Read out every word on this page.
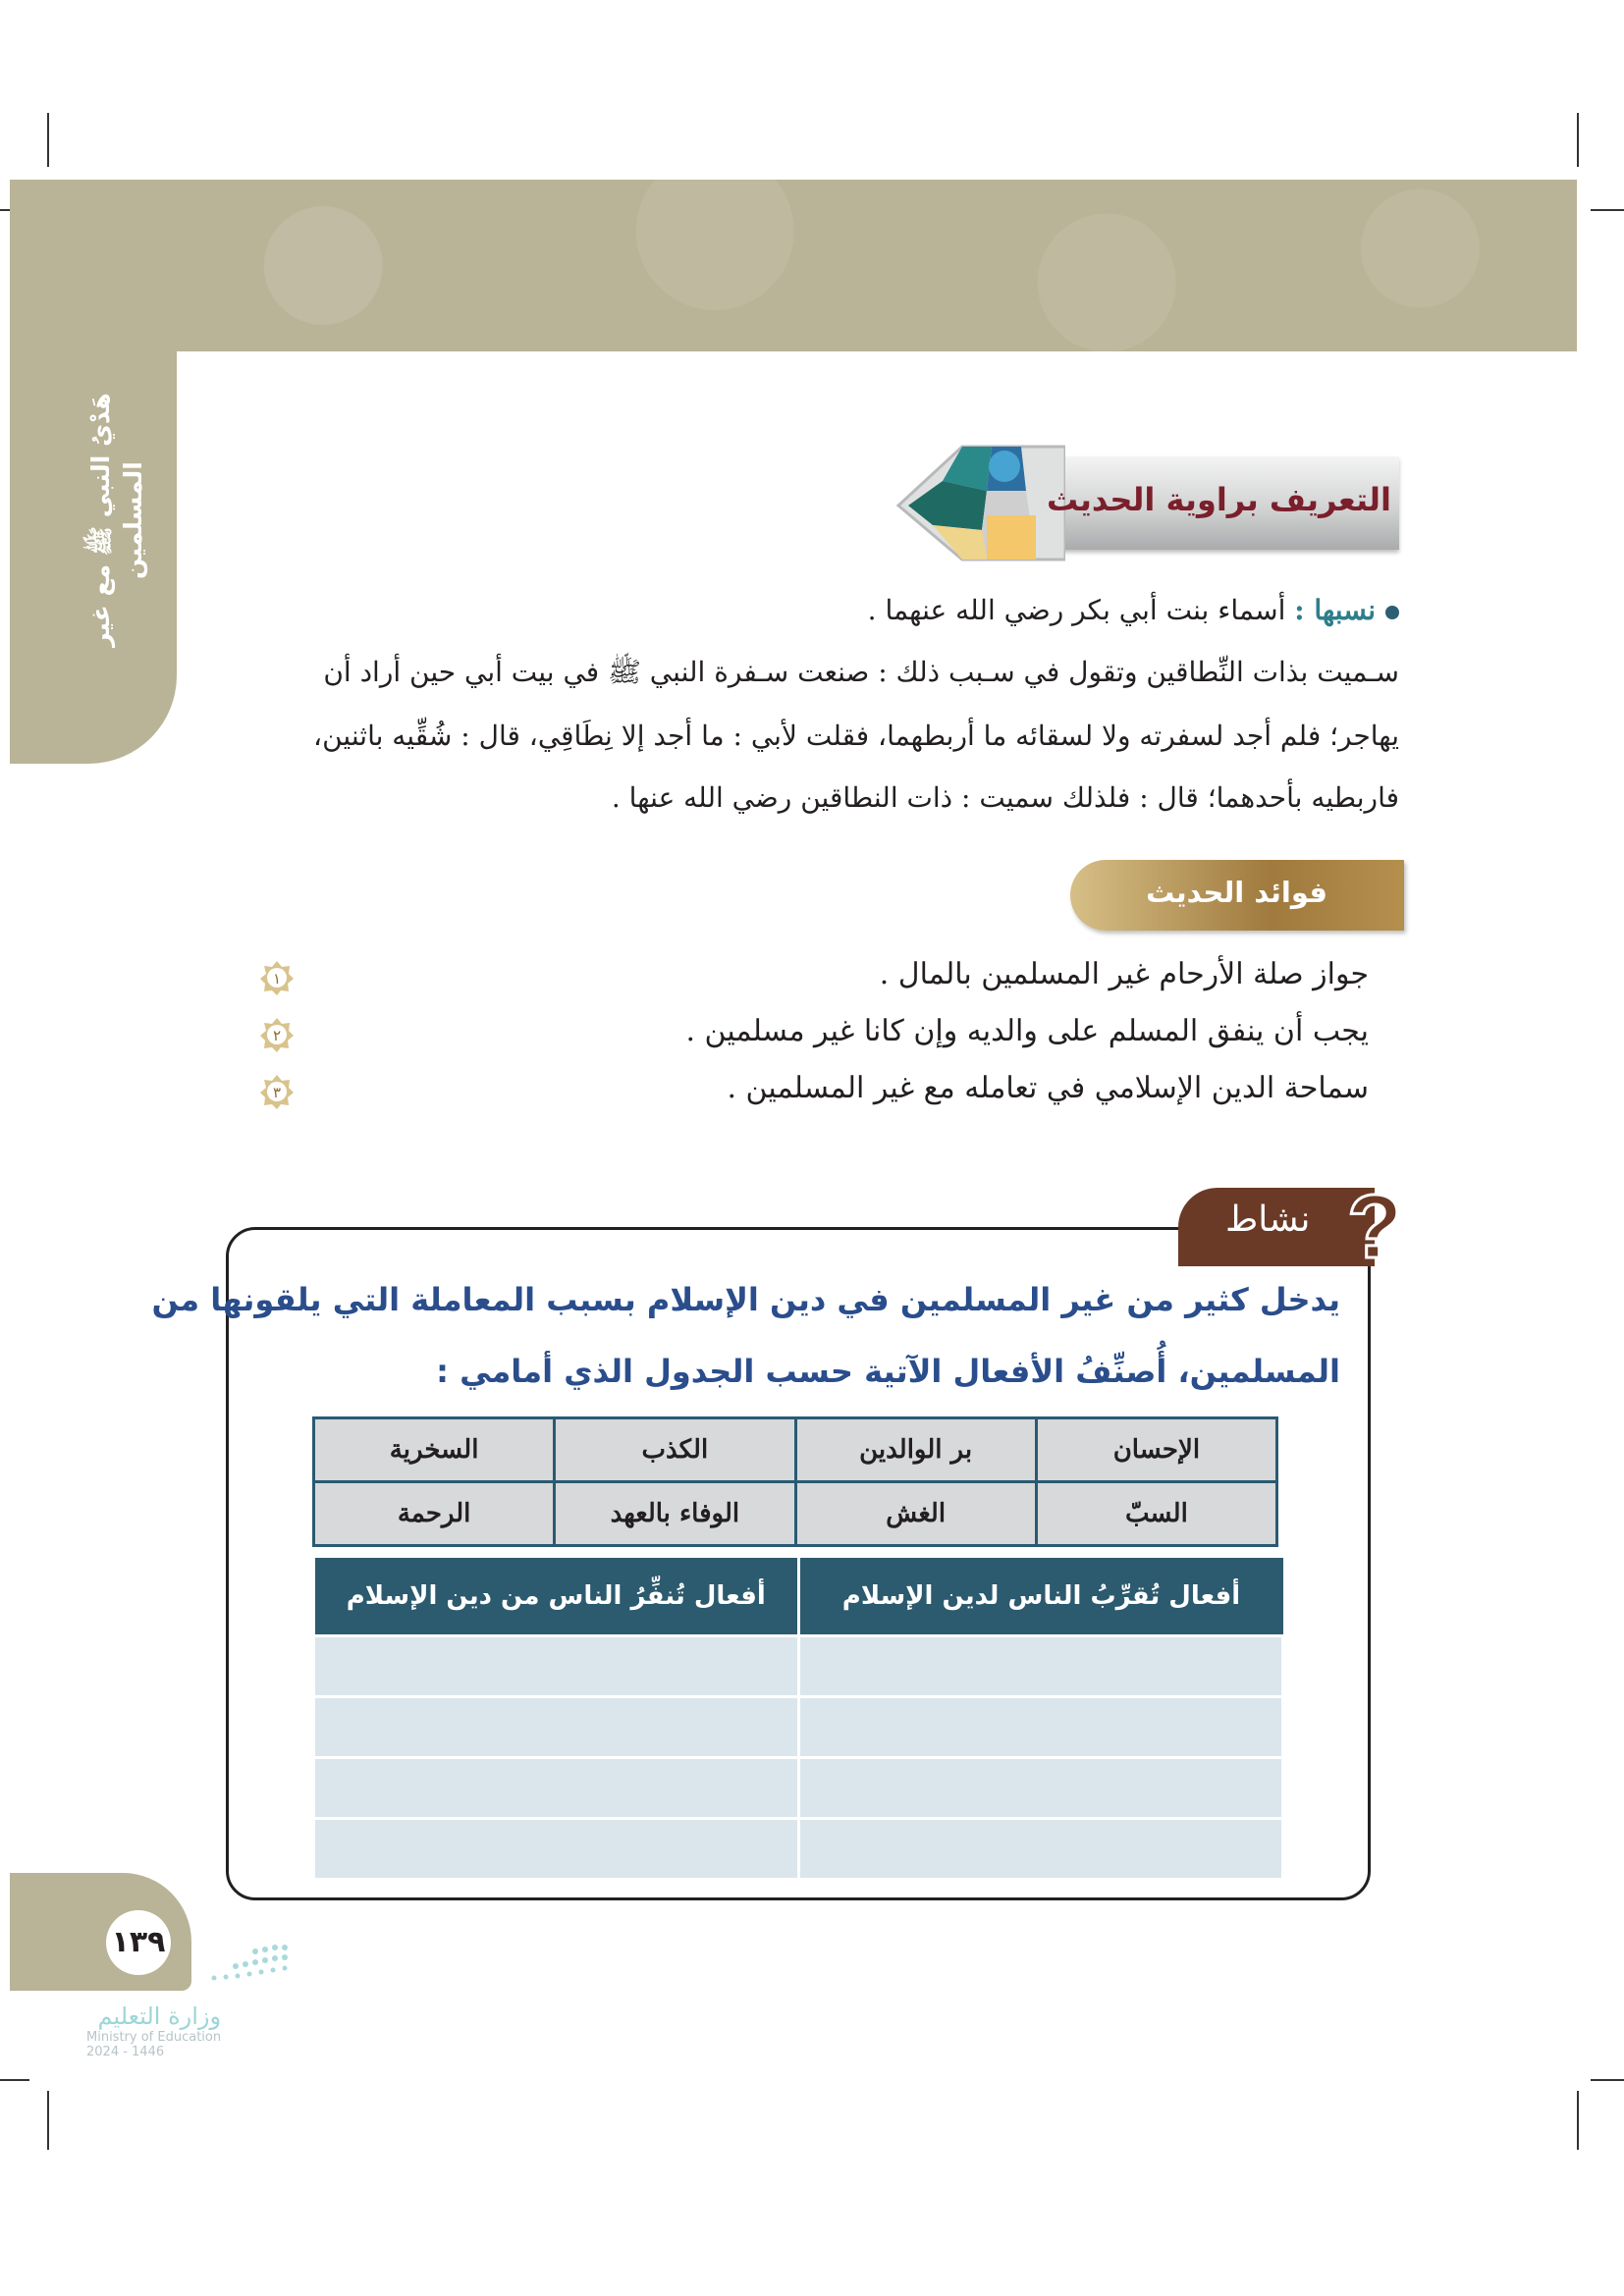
هَدْيُ النبي ﷺ مع غير المسلمين	التعريف براوية الحديث
نسبها : أسماء بنت أبي بكر رضي الله عنهما .
سـميت بذات النِّطاقين وتقول في سـبب ذلك : صنعت سـفرة النبي ﷺ في بيت أبي حين أراد أن
يهاجر؛ فلم أجد لسفرته ولا لسقائه ما أربطهما، فقلت لأبي : ما أجد إلا نِطَاقِي، قال : شُقِّيه باثنين،
فاربطيه بأحدهما؛ قال : فلذلك سميت : ذات النطاقين رضي الله عنها .
فوائد الحديث
١	جواز صلة الأرحام غير المسلمين بالمال .
٢	يجب أن ينفق المسلم على والديه وإن كانا غير مسلمين .
٣	سماحة الدين الإسلامي في تعامله مع غير المسلمين .
نشاط ?
يدخل كثير من غير المسلمين في دين الإسلام بسبب المعاملة التي يلقونها من
المسلمين، أُصنِّفُ الأفعال الآتية حسب الجدول الذي أمامي :
الإحسان	بر الوالدين	الكذب	السخرية
السبّ	الغش	الوفاء بالعهد	الرحمة
أفعال تُقرِّبُ الناس لدين الإسلام	أفعال تُنفِّرُ الناس من دين الإسلام

١٣٩
وزارة التعليم
Ministry of Education
2024 - 1446
